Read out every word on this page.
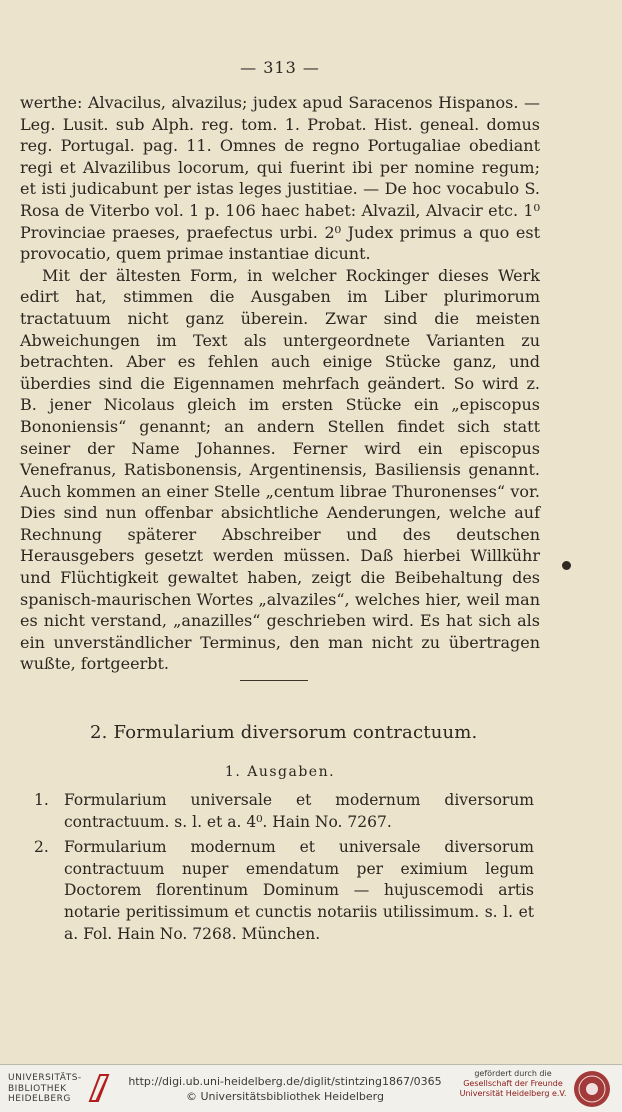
— 313 —

werthe: Alvacilus, alvazilus; judex apud Saracenos Hispanos. — Leg. Lusit. sub Alph. reg. tom. 1. Probat. Hist. geneal. domus reg. Portugal. pag. 11. Omnes de regno Portugaliae obediant regi et Alvazilibus locorum, qui fuerint ibi per nomine regum; et isti judicabunt per istas leges justitiae. — De hoc vocabulo S. Rosa de Viterbo vol. 1 p. 106 haec habet: Alvazil, Alvacir etc. 1⁰ Provinciae praeses, praefectus urbi. 2⁰ Judex primus a quo est provocatio, quem primae instantiae dicunt.

Mit der ältesten Form, in welcher Rockinger dieses Werk edirt hat, stimmen die Ausgaben im Liber plurimorum tractatuum nicht ganz überein. Zwar sind die meisten Abweichungen im Text als untergeordnete Varianten zu betrachten. Aber es fehlen auch einige Stücke ganz, und überdies sind die Eigennamen mehrfach geändert. So wird z. B. jener Nicolaus gleich im ersten Stücke ein „episcopus Bononiensis“ genannt; an andern Stellen findet sich statt seiner der Name Johannes. Ferner wird ein episcopus Venefranus, Ratisbonensis, Argentinensis, Basiliensis genannt. Auch kommen an einer Stelle „centum librae Thuronenses“ vor. Dies sind nun offenbar absichtliche Aenderungen, welche auf Rechnung späterer Abschreiber und des deutschen Herausgebers gesetzt werden müssen. Daß hierbei Willkühr und Flüchtigkeit gewaltet haben, zeigt die Beibehaltung des spanisch-maurischen Wortes „alvaziles“, welches hier, weil man es nicht verstand, „anazilles“ geschrieben wird. Es hat sich als ein unverständlicher Terminus, den man nicht zu übertragen wußte, fortgeerbt.

2. Formularium diversorum contractuum.
1. Ausgaben.
1. Formularium universale et modernum diversorum contractuum. s. l. et a. 4⁰. Hain No. 7267.
2. Formularium modernum et universale diversorum contractuum nuper emendatum per eximium legum Doctorem florentinum Dominum — hujuscemodi artis notarie peritissimum et cunctis notariis utilissimum. s. l. et a. Fol. Hain No. 7268. München.
UNIVERSITÄTS-
BIBLIOTHEK
HEIDELBERG
http://digi.ub.uni-heidelberg.de/diglit/stintzing1867/0365
© Universitätsbibliothek Heidelberg
gefördert durch die
Gesellschaft der Freunde
Universität Heidelberg e.V.
